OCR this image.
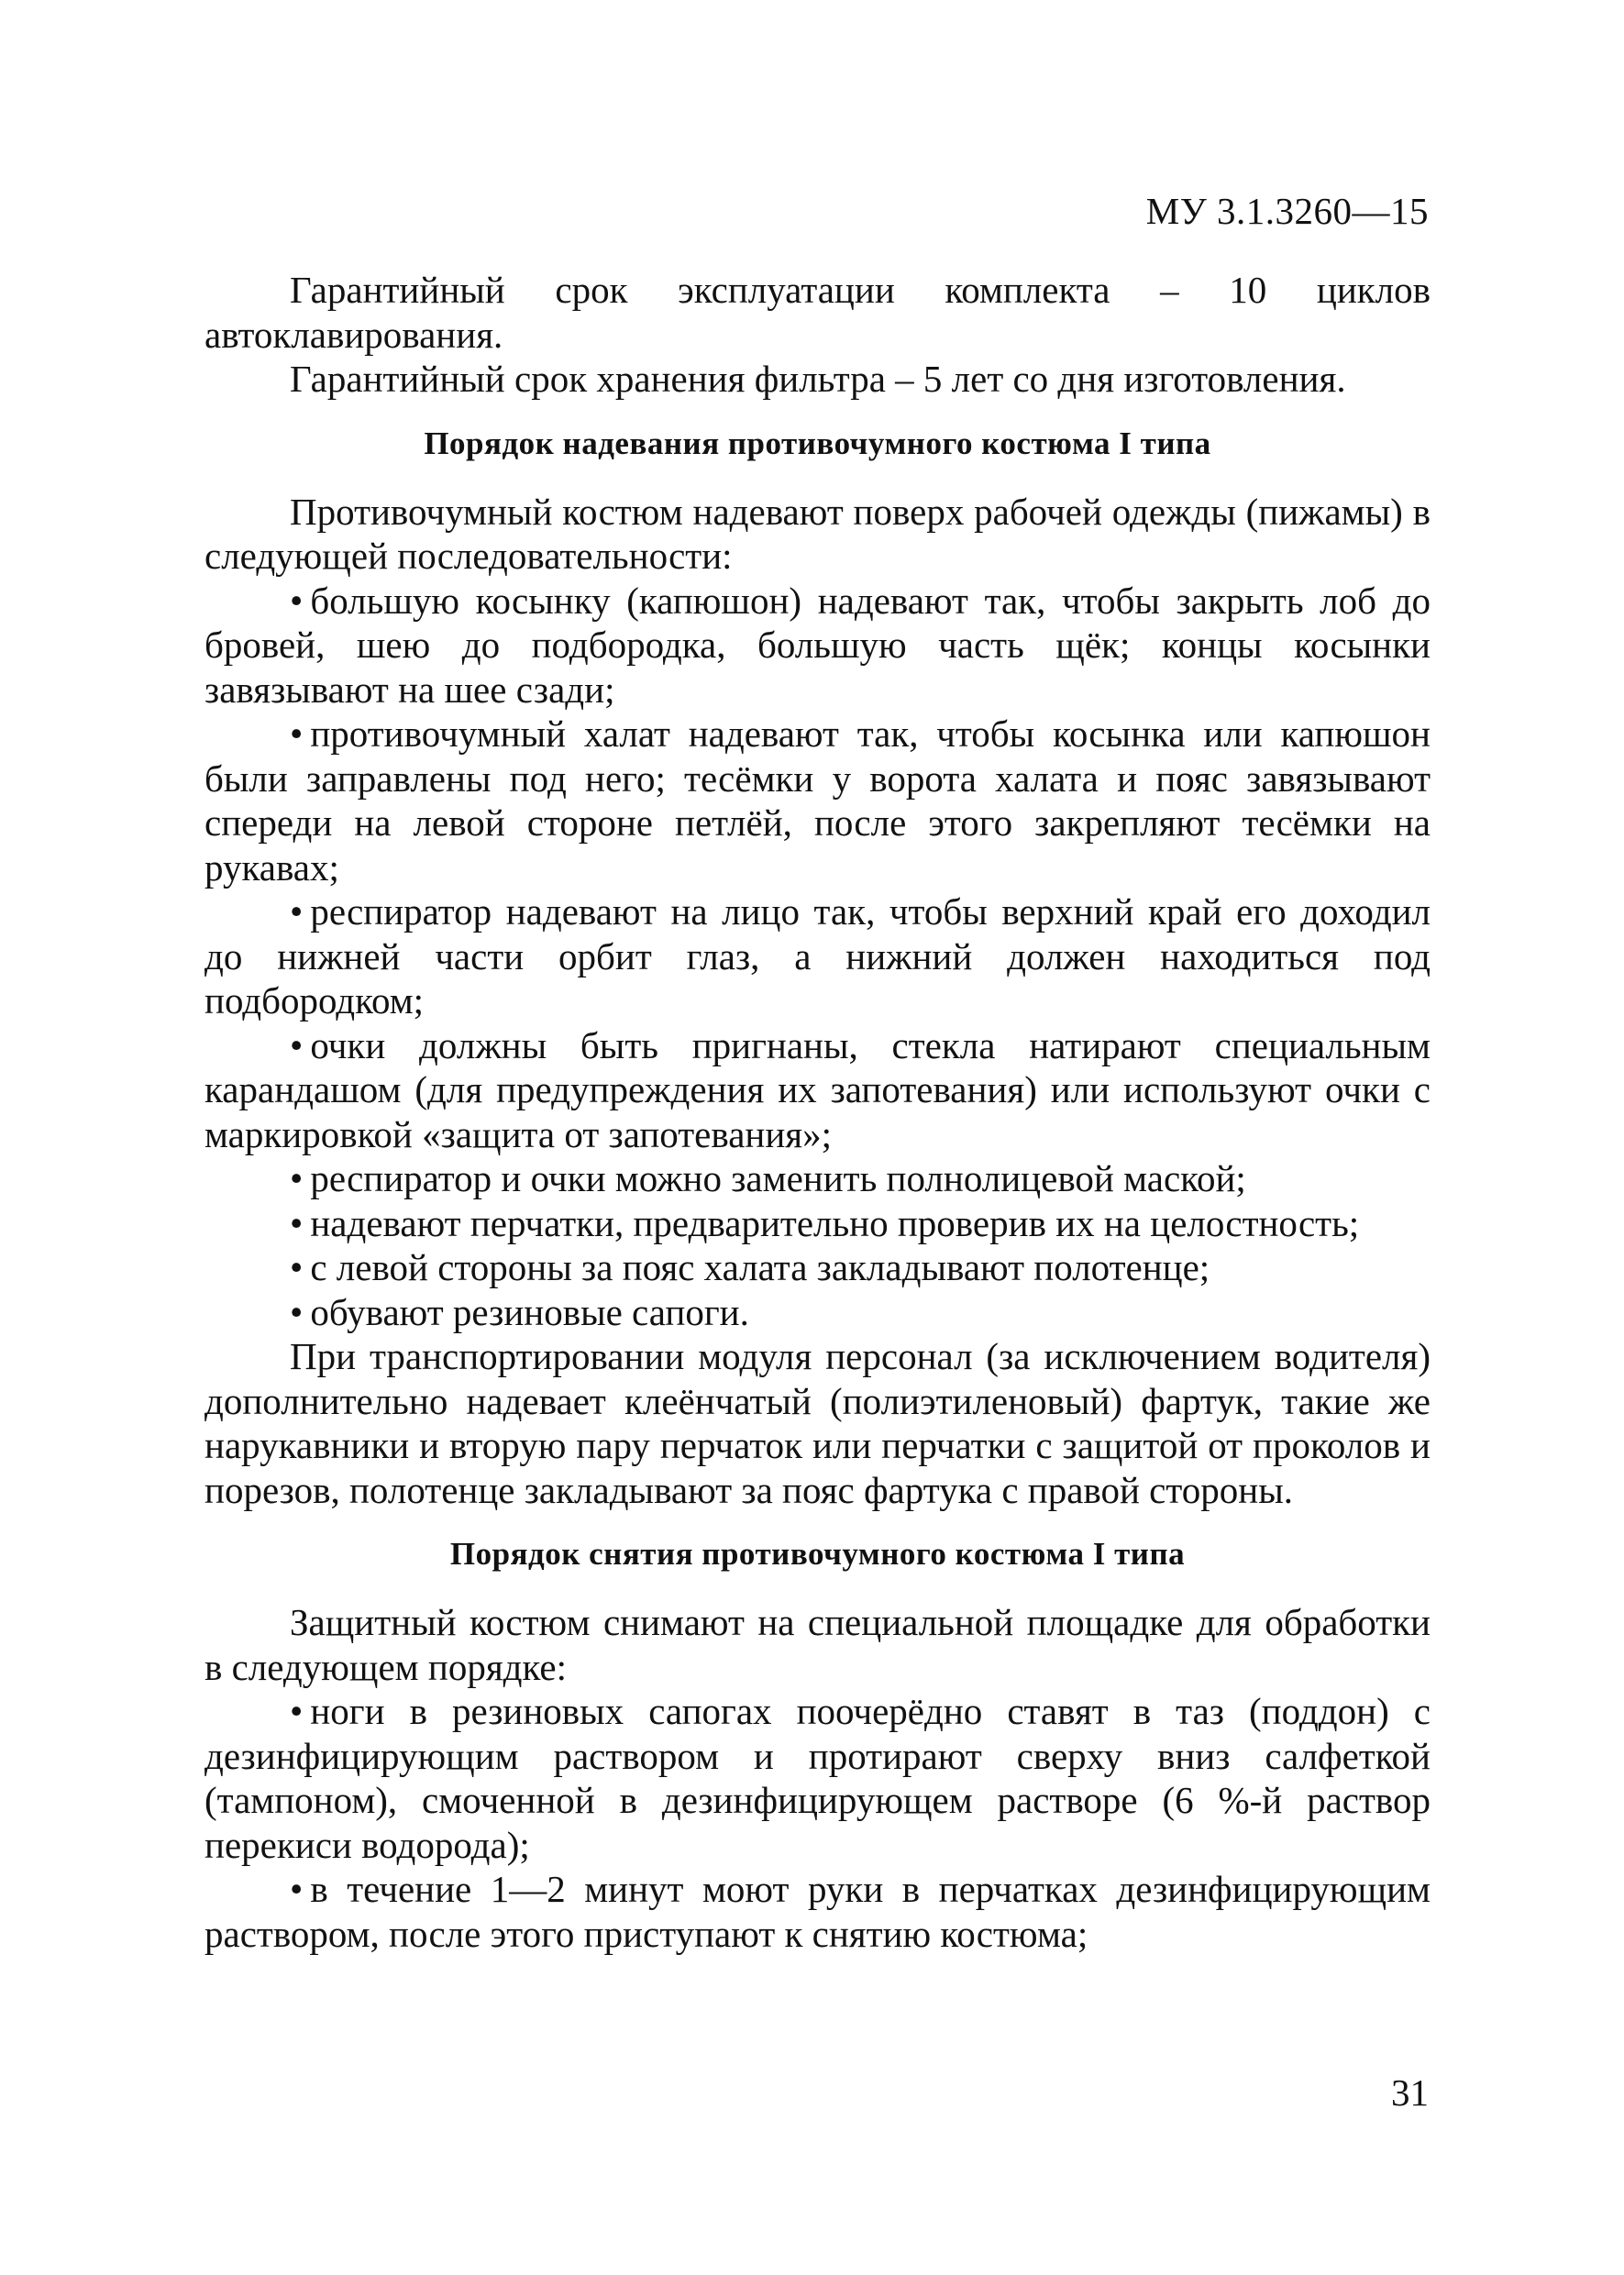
МУ 3.1.3260—15

Гарантийный срок эксплуатации комплекта – 10 циклов автоклавирования.

Гарантийный срок хранения фильтра – 5 лет со дня изготовления.

Порядок надевания противочумного костюма I типа

Противочумный костюм надевают поверх рабочей одежды (пижамы) в следующей последовательности:

• большую косынку (капюшон) надевают так, чтобы закрыть лоб до бровей, шею до подбородка, большую часть щёк; концы косынки завязывают на шее сзади;
• противочумный халат надевают так, чтобы косынка или капюшон были заправлены под него; тесёмки у ворота халата и пояс завязывают спереди на левой стороне петлёй, после этого закрепляют тесёмки на рукавах;
• респиратор надевают на лицо так, чтобы верхний край его доходил до нижней части орбит глаз, а нижний должен находиться под подбородком;
• очки должны быть пригнаны, стекла натирают специальным карандашом (для предупреждения их запотевания) или используют очки с маркировкой «защита от запотевания»;
• респиратор и очки можно заменить полнолицевой маской;
• надевают перчатки, предварительно проверив их на целостность;
• с левой стороны за пояс халата закладывают полотенце;
• обувают резиновые сапоги.

При транспортировании модуля персонал (за исключением водителя) дополнительно надевает клеёнчатый (полиэтиленовый) фартук, такие же нарукавники и вторую пару перчаток или перчатки с защитой от проколов и порезов, полотенце закладывают за пояс фартука с правой стороны.

Порядок снятия противочумного костюма I типа

Защитный костюм снимают на специальной площадке для обработки в следующем порядке:

• ноги в резиновых сапогах поочерёдно ставят в таз (поддон) с дезинфицирующим раствором и протирают сверху вниз салфеткой (тампоном), смоченной в дезинфицирующем растворе (6 %-й раствор перекиси водорода);
• в течение 1—2 минут моют руки в перчатках дезинфицирующим раствором, после этого приступают к снятию костюма;
31
